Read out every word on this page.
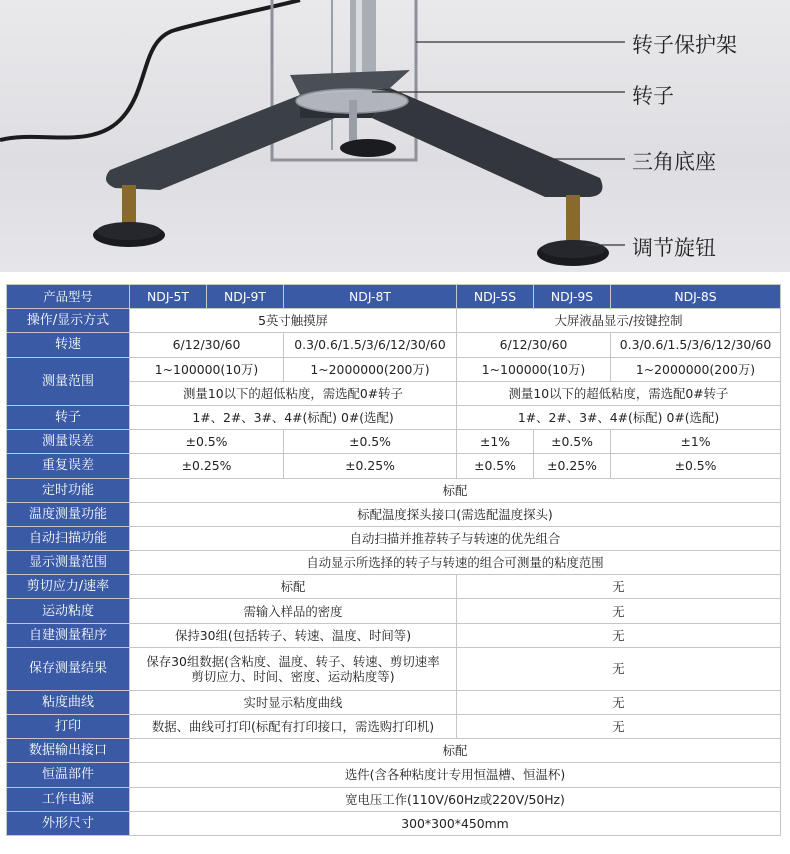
转子保护架
转子
三角底座
调节旋钮
产品型号	NDJ-5T	NDJ-9T	NDJ-8T	NDJ-5S	NDJ-9S	NDJ-8S
操作/显示方式	5英寸触摸屏			大屏液晶显示/按键控制		
转速	6/12/30/60		0.3/0.6/1.5/3/6/12/30/60	6/12/30/60		0.3/0.6/1.5/3/6/12/30/60
测量范围	1~100000(10万)		1~2000000(200万)	1~100000(10万)		1~2000000(200万)
	测量10以下的超低粘度，需选配0#转子			测量10以下的超低粘度，需选配0#转子		
转子	1#、2#、3#、4#(标配) 0#(选配)			1#、2#、3#、4#(标配) 0#(选配)		
测量误差	±0.5%		±0.5%	±1%	±0.5%	±1%
重复误差	±0.25%		±0.25%	±0.5%	±0.25%	±0.5%
定时功能	标配					
温度测量功能	标配温度探头接口(需选配温度探头)					
自动扫描功能	自动扫描并推荐转子与转速的优先组合					
显示测量范围	自动显示所选择的转子与转速的组合可测量的粘度范围					
剪切应力/速率	标配			无		
运动粘度	需输入样品的密度			无		
自建测量程序	保持30组(包括转子、转速、温度、时间等)			无		
保存测量结果	保存30组数据(含粘度、温度、转子、转速、剪切速率
剪切应力、时间、密度、运动粘度等)			无		
粘度曲线	实时显示粘度曲线			无		
打印	数据、曲线可打印(标配有打印接口，需选购打印机)			无		
数据输出接口	标配					
恒温部件	选件(含各种粘度计专用恒温槽、恒温杯)					
工作电源	宽电压工作(110V/60Hz或220V/50Hz)					
外形尺寸	300*300*450mm					
